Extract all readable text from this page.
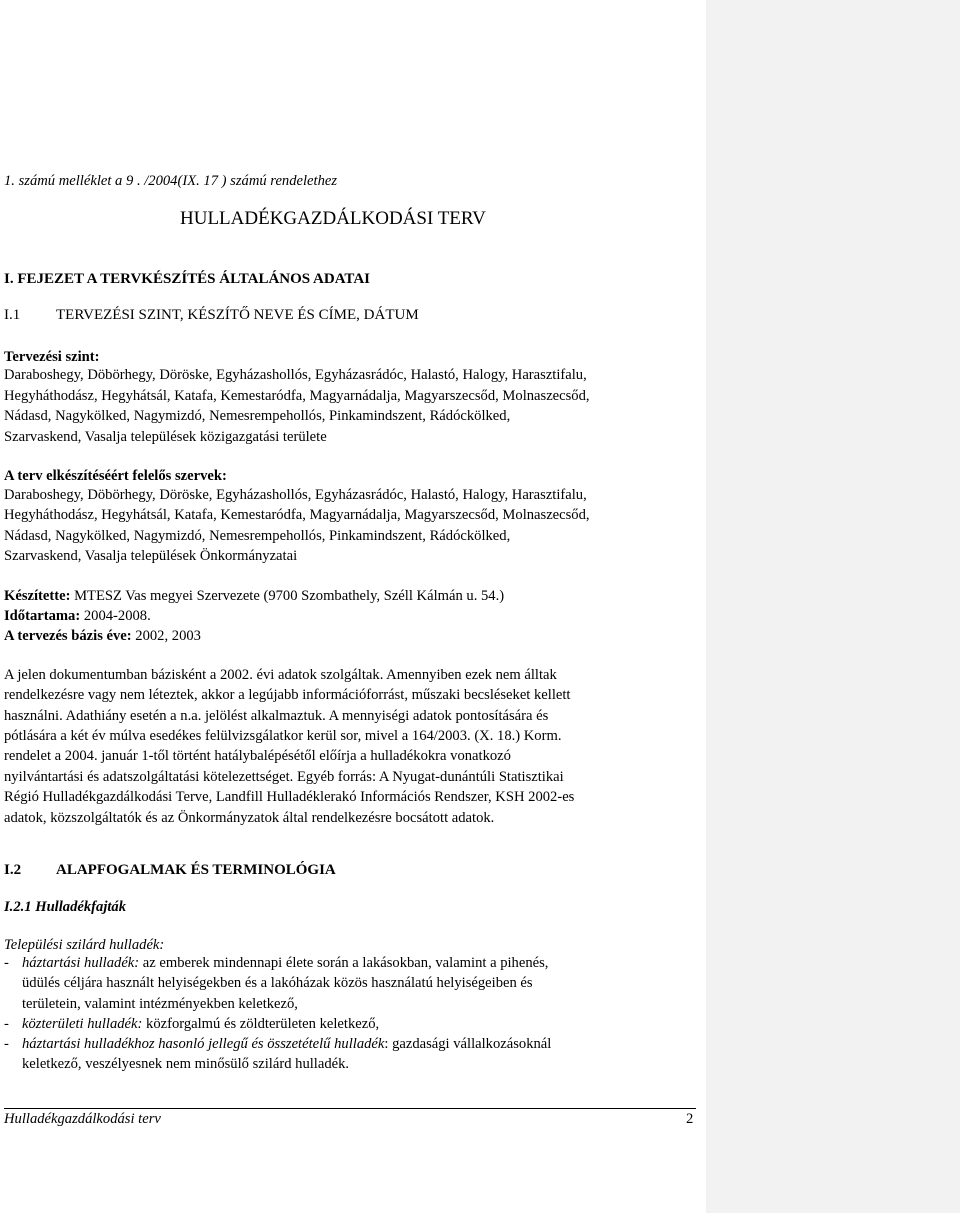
1. számú melléklet a 9 . /2004(IX. 17 ) számú rendelethez
HULLADÉKGAZDÁLKODÁSI TERV
I. FEJEZET A TERVKÉSZÍTÉS ÁLTALÁNOS ADATAI
I.1 TERVEZÉSI SZINT, KÉSZÍTŐ NEVE ÉS CÍME, DÁTUM
Tervezési szint:
Daraboshegy, Döbörhegy, Döröske, Egyházashollós, Egyházasrádóc, Halastó, Halogy, Harasztifalu,
Hegyháthodász, Hegyhátsál, Katafa, Kemestaródfa, Magyarnádalja, Magyarszecsőd, Molnaszecsőd,
Nádasd, Nagykölked, Nagymizdó, Nemesrempehollós, Pinkamindszent, Rádóckölked,
Szarvaskend, Vasalja települések közigazgatási területe
A terv elkészítéséért felelős szervek:
Daraboshegy, Döbörhegy, Döröske, Egyházashollós, Egyházasrádóc, Halastó, Halogy, Harasztifalu,
Hegyháthodász, Hegyhátsál, Katafa, Kemestaródfa, Magyarnádalja, Magyarszecsőd, Molnaszecsőd,
Nádasd, Nagykölked, Nagymizdó, Nemesrempehollós, Pinkamindszent, Rádóckölked,
Szarvaskend, Vasalja települések Önkormányzatai
Készítette: MTESZ Vas megyei Szervezete (9700 Szombathely, Széll Kálmán u. 54.)
Időtartama: 2004-2008.
A tervezés bázis éve: 2002, 2003
A jelen dokumentumban bázisként a 2002. évi adatok szolgáltak. Amennyiben ezek nem álltak
rendelkezésre vagy nem léteztek, akkor a legújabb információforrást, műszaki becsléseket kellett
használni. Adathiány esetén a n.a. jelölést alkalmaztuk. A mennyiségi adatok pontosítására és
pótlására a két év múlva esedékes felülvizsgálatkor kerül sor, mivel a 164/2003. (X. 18.) Korm.
rendelet a 2004. január 1-től történt hatálybalépésétől előírja a hulladékokra vonatkozó
nyilvántartási és adatszolgáltatási kötelezettséget. Egyéb forrás: A Nyugat-dunántúli Statisztikai
Régió Hulladékgazdálkodási Terve, Landfill Hulladéklerakó Információs Rendszer, KSH 2002-es
adatok, közszolgáltatók és az Önkormányzatok által rendelkezésre bocsátott adatok.
I.2 ALAPFOGALMAK ÉS TERMINOLÓGIA
I.2.1 Hulladékfajták
Települési szilárd hulladék:
- háztartási hulladék: az emberek mindennapi élete során a lakásokban, valamint a pihenés,
üdülés céljára használt helyiségekben és a lakóházak közös használatú helyiségeiben és
területein, valamint intézményekben keletkező,
- közterületi hulladék: közforgalmú és zöldterületen keletkező,
- háztartási hulladékhoz hasonló jellegű és összetételű hulladék: gazdasági vállalkozásoknál
keletkező, veszélyesnek nem minősülő szilárd hulladék.
Hulladékgazdálkodási terv	2
